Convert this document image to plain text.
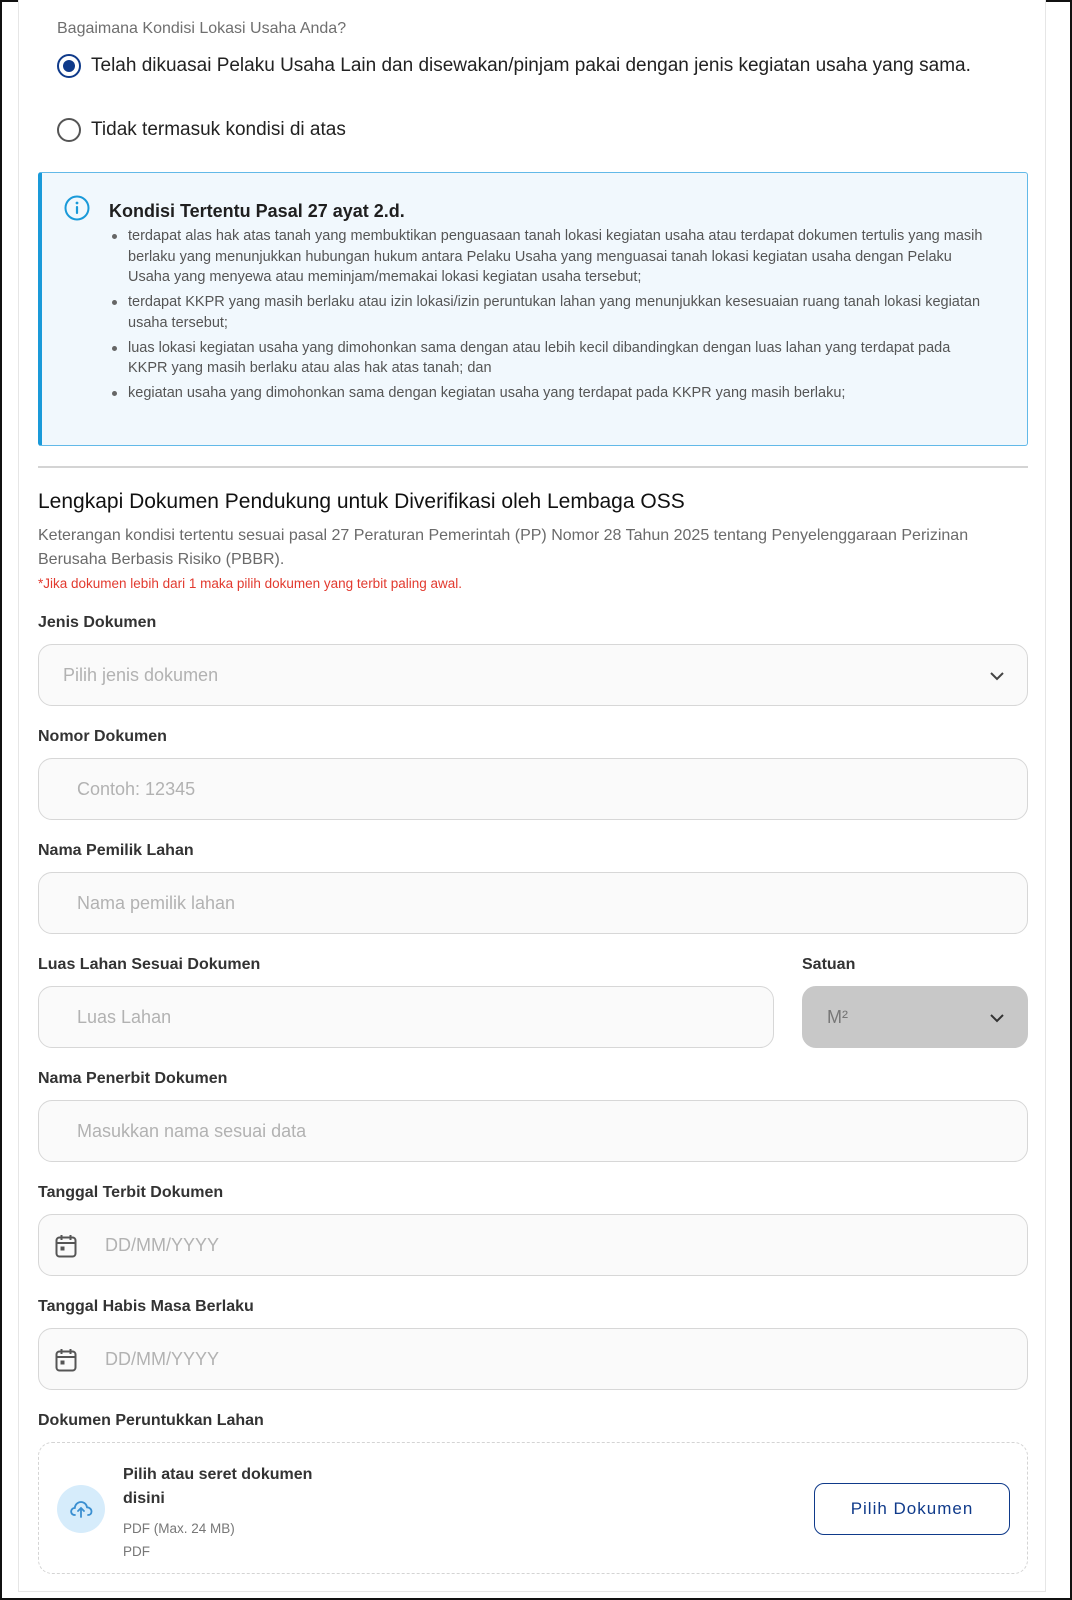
Bagaimana Kondisi Lokasi Usaha Anda?
Telah dikuasai Pelaku Usaha Lain dan disewakan/pinjam pakai dengan jenis kegiatan usaha yang sama.
Tidak termasuk kondisi di atas
Kondisi Tertentu Pasal 27 ayat 2.d.
terdapat alas hak atas tanah yang membuktikan penguasaan tanah lokasi kegiatan usaha atau terdapat dokumen tertulis yang masih berlaku yang menunjukkan hubungan hukum antara Pelaku Usaha yang menguasai tanah lokasi kegiatan usaha dengan Pelaku Usaha yang menyewa atau meminjam/memakai lokasi kegiatan usaha tersebut;
terdapat KKPR yang masih berlaku atau izin lokasi/izin peruntukan lahan yang menunjukkan kesesuaian ruang tanah lokasi kegiatan usaha tersebut;
luas lokasi kegiatan usaha yang dimohonkan sama dengan atau lebih kecil dibandingkan dengan luas lahan yang terdapat pada KKPR yang masih berlaku atau alas hak atas tanah; dan
kegiatan usaha yang dimohonkan sama dengan kegiatan usaha yang terdapat pada KKPR yang masih berlaku;
Lengkapi Dokumen Pendukung untuk Diverifikasi oleh Lembaga OSS
Keterangan kondisi tertentu sesuai pasal 27 Peraturan Pemerintah (PP) Nomor 28 Tahun 2025 tentang Penyelenggaraan Perizinan Berusaha Berbasis Risiko (PBBR).
*Jika dokumen lebih dari 1 maka pilih dokumen yang terbit paling awal.
Jenis Dokumen
Pilih jenis dokumen
Nomor Dokumen
Contoh: 12345
Nama Pemilik Lahan
Nama pemilik lahan
Luas Lahan Sesuai Dokumen
Luas Lahan
Satuan
M²
Nama Penerbit Dokumen
Masukkan nama sesuai data
Tanggal Terbit Dokumen
DD/MM/YYYY
Tanggal Habis Masa Berlaku
DD/MM/YYYY
Dokumen Peruntukkan Lahan
Pilih atau seret dokumen disini
PDF (Max. 24 MB)
PDF
Pilih Dokumen
